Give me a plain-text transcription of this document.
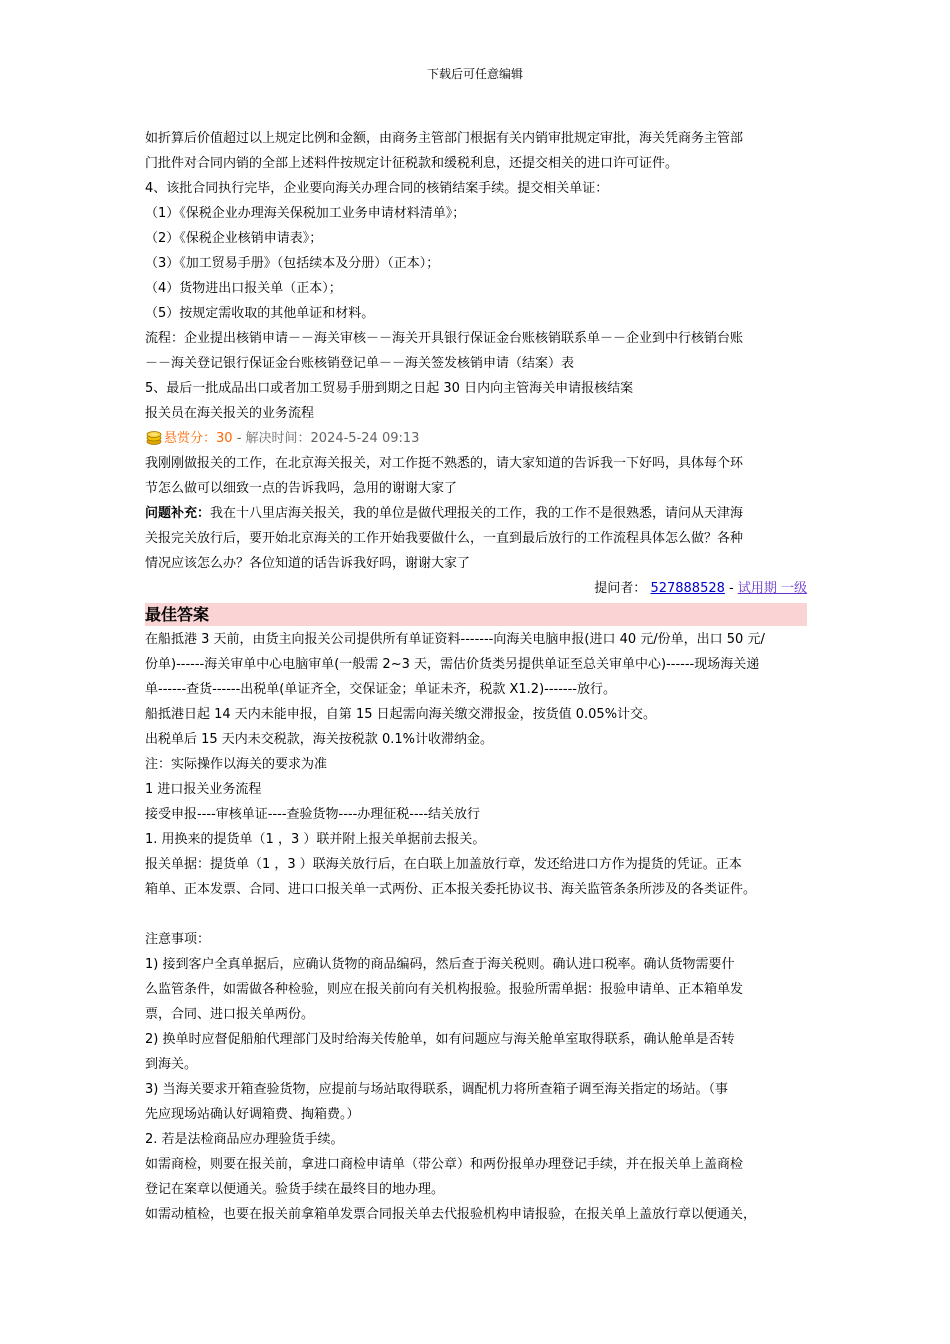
下载后可任意编辑
如折算后价值超过以上规定比例和金额，由商务主管部门根据有关内销审批规定审批，海关凭商务主管部
门批件对合同内销的全部上述料件按规定计征税款和缓税利息，还提交相关的进口许可证件。
4、该批合同执行完毕，企业要向海关办理合同的核销结案手续。提交相关单证：
（1）《保税企业办理海关保税加工业务申请材料清单》；
（2）《保税企业核销申请表》；
（3）《加工贸易手册》（包括续本及分册）（正本）；
（4）货物进出口报关单（正本）；
（5）按规定需收取的其他单证和材料。
流程：企业提出核销申请－－海关审核－－海关开具银行保证金台账核销联系单－－企业到中行核销台账
－－海关登记银行保证金台账核销登记单－－海关签发核销申请（结案）表
5、最后一批成品出口或者加工贸易手册到期之日起 30 日内向主管海关申请报核结案
报关员在海关报关的业务流程
悬赏分：30 - 解决时间：2024-5-24 09:13
我刚刚做报关的工作，在北京海关报关，对工作挺不熟悉的，请大家知道的告诉我一下好吗，具体每个环
节怎么做可以细致一点的告诉我吗，急用的谢谢大家了
问题补充：我在十八里店海关报关，我的单位是做代理报关的工作，我的工作不是很熟悉，请问从天津海
关报完关放行后，要开始北京海关的工作开始我要做什么，一直到最后放行的工作流程具体怎么做？各种
情况应该怎么办？各位知道的话告诉我好吗，谢谢大家了
提问者： 527888528 - 试用期 一级
最佳答案
在船抵港 3 天前，由货主向报关公司提供所有单证资料-------向海关电脑申报(进口 40 元/份单，出口 50 元/
份单)------海关审单中心电脑审单(一般需 2~3 天，需估价货类另提供单证至总关审单中心)------现场海关递
单------查货------出税单(单证齐全，交保证金；单证未齐，税款 X1.2)-------放行。
船抵港日起 14 天内未能申报，自第 15 日起需向海关缴交滞报金，按货值 0.05%计交。
出税单后 15 天内未交税款，海关按税款 0.1%计收滞纳金。
注：实际操作以海关的要求为准
1 进口报关业务流程
接受申报----审核单证----查验货物----办理征税----结关放行
1. 用换来的提货单（1 ，3 ）联并附上报关单据前去报关。
报关单据：提货单（1 ，3 ）联海关放行后，在白联上加盖放行章，发还给进口方作为提货的凭证。正本
箱单、正本发票、合同、进口口报关单一式两份、正本报关委托协议书、海关监管条条所涉及的各类证件。
注意事项：
1) 接到客户全真单据后，应确认货物的商品编码，然后查于海关税则。确认进口税率。确认货物需要什
么监管条件，如需做各种检验，则应在报关前向有关机构报验。报验所需单据：报验申请单、正本箱单发
票，合同、进口报关单两份。
2) 换单时应督促船舶代理部门及时给海关传舱单，如有问题应与海关舱单室取得联系，确认舱单是否转
到海关。
3) 当海关要求开箱查验货物，应提前与场站取得联系，调配机力将所查箱子调至海关指定的场站。（事
先应现场站确认好调箱费、掏箱费。）
2. 若是法检商品应办理验货手续。
如需商检，则要在报关前，拿进口商检申请单（带公章）和两份报单办理登记手续，并在报关单上盖商检
登记在案章以便通关。验货手续在最终目的地办理。
如需动植检，也要在报关前拿箱单发票合同报关单去代报验机构申请报验，在报关单上盖放行章以便通关，
